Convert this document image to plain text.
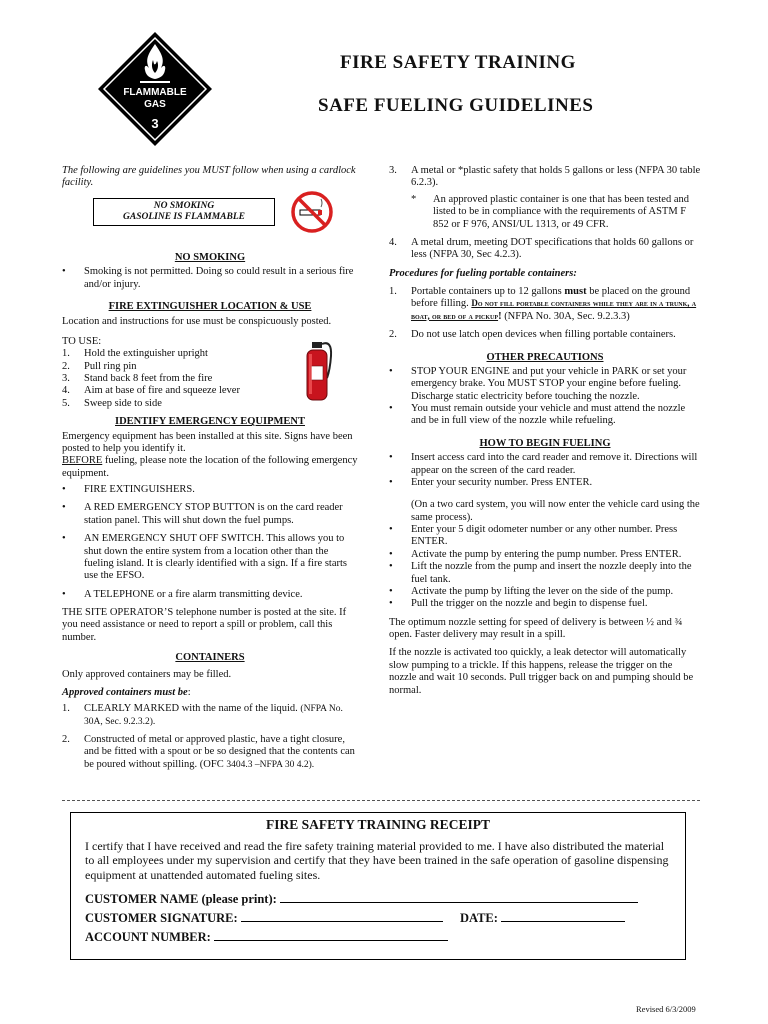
FLAMMABLE
GAS
3
FIRE SAFETY TRAINING
SAFE FUELING GUIDELINES

The following are guidelines you MUST follow when using a cardlock facility.

NO SMOKING
GASOLINE IS FLAMMABLE
NO SMOKING
•	Smoking is not permitted. Doing so could result in a serious fire and/or injury.
FIRE EXTINGUISHER LOCATION & USE

Location and instructions for use must be conspicuously posted.

TO USE:

1.	Hold the extinguisher upright
2.	Pull ring pin
3.	Stand back 8 feet from the fire
4.	Aim at base of fire and squeeze lever
5.	Sweep side to side
IDENTIFY EMERGENCY EQUIPMENT

Emergency equipment has been installed at this site. Signs have been posted to help you identify it.

BEFORE fueling, please note the location of the following emergency equipment.

•	FIRE EXTINGUISHERS.
•	A RED EMERGENCY STOP BUTTON is on the card reader station panel. This will shut down the fuel pumps.
•	AN EMERGENCY SHUT OFF SWITCH. This allows you to shut down the entire system from a location other than the fueling island. It is clearly identified with a sign. If a fire starts use the EFSO.
•	A TELEPHONE or a fire alarm transmitting device.

THE SITE OPERATOR’S telephone number is posted at the site. If you need assistance or need to report a spill or problem, call this number.

CONTAINERS

Only approved containers may be filled.

Approved containers must be:

1.	CLEARLY MARKED with the name of the liquid. (NFPA No. 30A, Sec. 9.2.3.2).
2.	Constructed of metal or approved plastic, have a tight closure, and be fitted with a spout or be so designed that the contents can be poured without spilling. (OFC 3404.3 –NFPA 30 4.2).
3.	A metal or *plastic safety that holds 5 gallons or less (NFPA 30 table 6.2.3).
*	An approved plastic container is one that has been tested and listed to be in compliance with the requirements of ASTM F 852 or F 976, ANSI/UL 1313, or 49 CFR.
4.	A metal drum, meeting DOT specifications that holds 60 gallons or less (NFPA 30, Sec 4.2.3).

Procedures for fueling portable containers:

1.	Portable containers up to 12 gallons must be placed on the ground before filling. Do not fill portable containers while they are in a trunk, a boat, or bed of a pickup! (NFPA No. 30A, Sec. 9.2.3.3)
2.	Do not use latch open devices when filling portable containers.
OTHER PRECAUTIONS
•	STOP YOUR ENGINE and put your vehicle in PARK or set your emergency brake. You MUST STOP your engine before fueling. Discharge static electricity before touching the nozzle.
•	You must remain outside your vehicle and must attend the nozzle and be in full view of the nozzle while refueling.
HOW TO BEGIN FUELING
•	Insert access card into the card reader and remove it. Directions will appear on the screen of the card reader.
•	Enter your security number. Press ENTER.

(On a two card system, you will now enter the vehicle card using the same process).

•	Enter your 5 digit odometer number or any other number. Press ENTER.
•	Activate the pump by entering the pump number. Press ENTER.
•	Lift the nozzle from the pump and insert the nozzle deeply into the fuel tank.
•	Activate the pump by lifting the lever on the side of the pump.
•	Pull the trigger on the nozzle and begin to dispense fuel.

The optimum nozzle setting for speed of delivery is between ½ and ¾ open. Faster delivery may result in a spill.

If the nozzle is activated too quickly, a leak detector will automatically slow pumping to a trickle. If this happens, release the trigger on the nozzle and wait 10 seconds. Pull trigger back on and pumping should be normal.

FIRE SAFETY TRAINING RECEIPT
I certify that I have received and read the fire safety training material provided to me. I have also distributed the material to all employees under my supervision and certify that they have been trained in the safe operation of gasoline dispensing equipment at unattended automated fueling sites.
CUSTOMER NAME (please print):
CUSTOMER SIGNATURE:	DATE:
ACCOUNT NUMBER:
Revised 6/3/2009
